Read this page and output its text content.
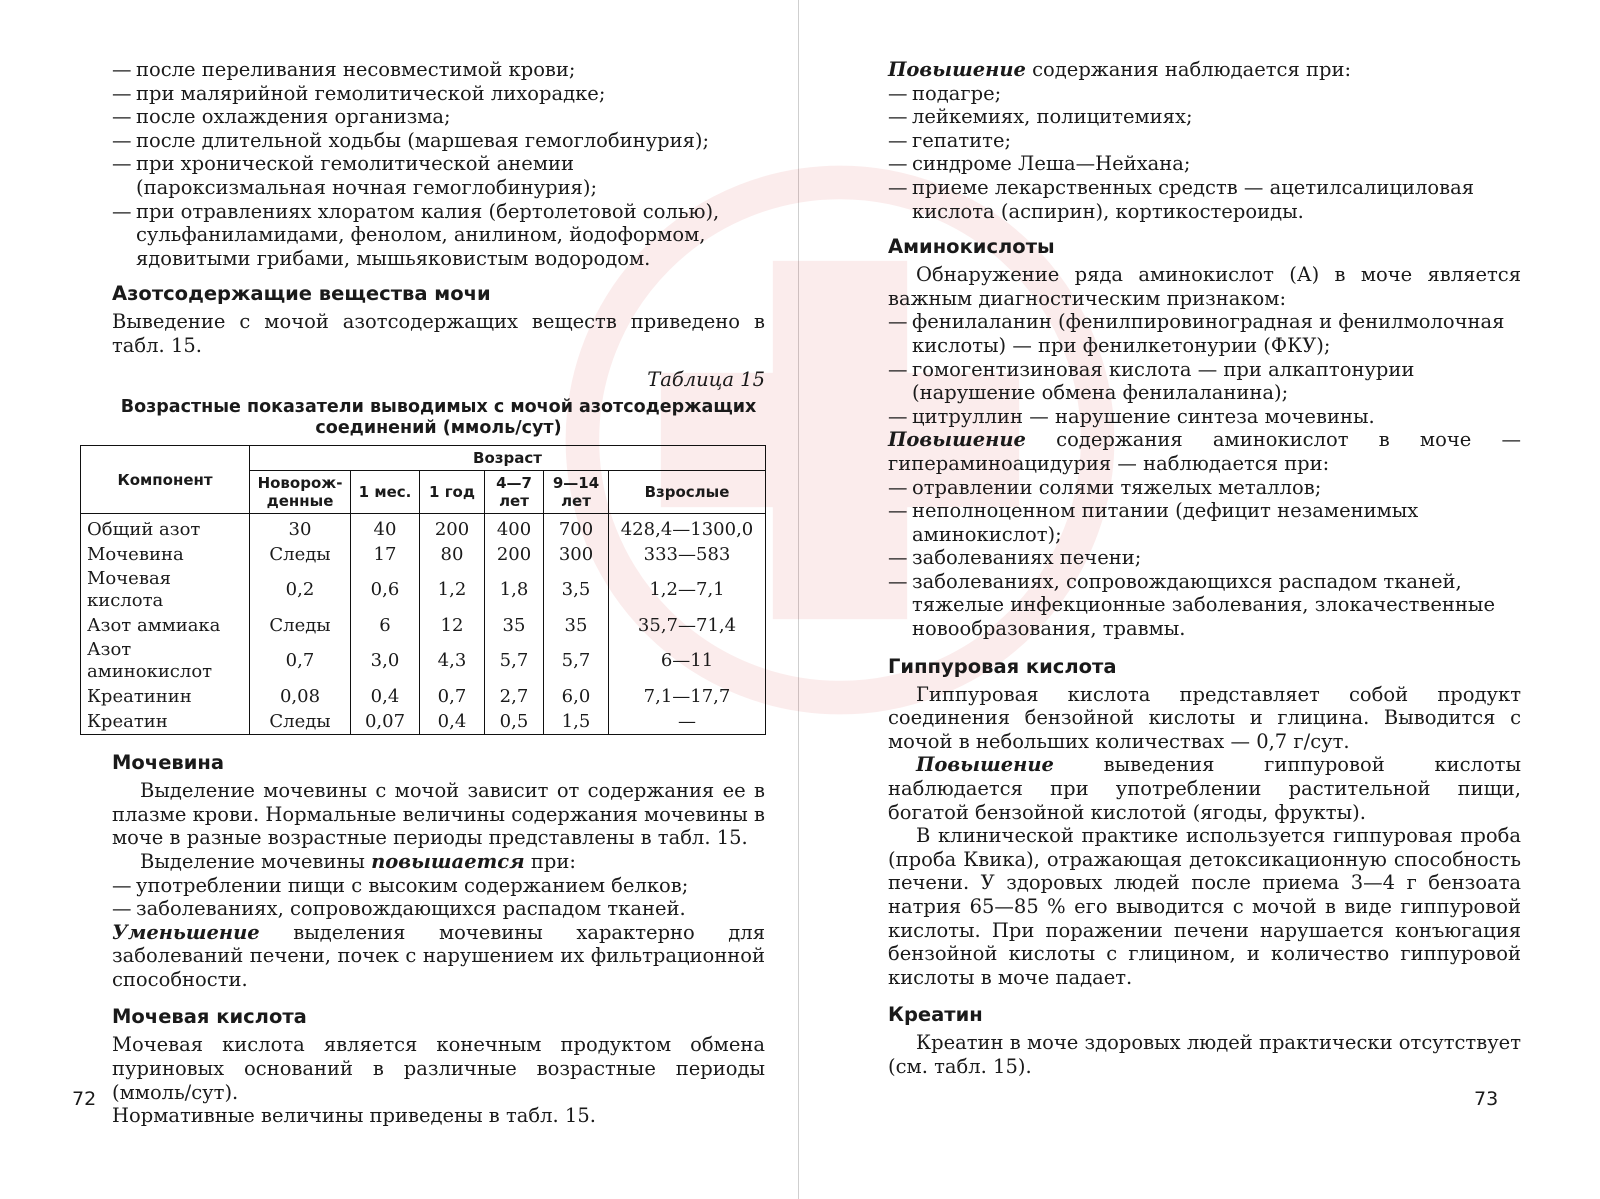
— после переливания несовместимой крови;
— при малярийной гемолитической лихорадке;
— после охлаждения организма;
— после длительной ходьбы (маршевая гемоглобинурия);
— при хронической гемолитической анемии (пароксизмальная ночная гемоглобинурия);
— при отравлениях хлоратом калия (бертолетовой солью), сульфаниламидами, фенолом, анилином, йодоформом, ядовитыми грибами, мышьяковистым водородом.
Азотсодержащие вещества мочи

Выведение с мочой азотсодержащих веществ приведено в табл. 15.

Таблица 15
Возрастные показатели выводимых с мочой азотсодержащих соединений (ммоль/сут)
Компонент	Возраст					
	Новорож-денные	1 мес.	1 год	4—7 лет	9—14 лет	Взрослые
Общий азот	30	40	200	400	700	428,4—1300,0
Мочевина	Следы	17	80	200	300	333—583
Мочевая кислота	0,2	0,6	1,2	1,8	3,5	1,2—7,1
Азот аммиака	Следы	6	12	35	35	35,7—71,4
Азот аминокислот	0,7	3,0	4,3	5,7	5,7	6—11
Креатинин	0,08	0,4	0,7	2,7	6,0	7,1—17,7
Креатин	Следы	0,07	0,4	0,5	1,5	—
Мочевина

Выделение мочевины с мочой зависит от содержания ее в плазме крови. Нормальные величины содержания мочевины в моче в разные возрастные периоды представлены в табл. 15.

Выделение мочевины повышается при:

— употреблении пищи с высоким содержанием белков;
— заболеваниях, сопровождающихся распадом тканей.

Уменьшение выделения мочевины характерно для заболеваний печени, почек с нарушением их фильтрационной способности.

Мочевая кислота

Мочевая кислота является конечным продуктом обмена пуриновых оснований в различные возрастные периоды (ммоль/сут).

Нормативные величины приведены в табл. 15.

72

Повышение содержания наблюдается при:

— подагре;
— лейкемиях, полицитемиях;
— гепатите;
— синдроме Леша—Нейхана;
— приеме лекарственных средств — ацетилсалициловая кислота (аспирин), кортикостероиды.
Аминокислоты

Обнаружение ряда аминокислот (А) в моче является важным диагностическим признаком:

— фенилаланин (фенилпировиноградная и фенилмолочная кислоты) — при фенилкетонурии (ФКУ);
— гомогентизиновая кислота — при алкаптонурии (нарушение обмена фенилаланина);
— цитруллин — нарушение синтеза мочевины.

Повышение содержания аминокислот в моче — гипераминоацидурия — наблюдается при:

— отравлении солями тяжелых металлов;
— неполноценном питании (дефицит незаменимых аминокислот);
— заболеваниях печени;
— заболеваниях, сопровождающихся распадом тканей, тяжелые инфекционные заболевания, злокачественные новообразования, травмы.
Гиппуровая кислота

Гиппуровая кислота представляет собой продукт соединения бензойной кислоты и глицина. Выводится с мочой в небольших количествах — 0,7 г/сут.

Повышение выведения гиппуровой кислоты наблюдается при употреблении растительной пищи, богатой бензойной кислотой (ягоды, фрукты).

В клинической практике используется гиппуровая проба (проба Квика), отражающая детоксикационную способность печени. У здоровых людей после приема 3—4 г бензоата натрия 65—85 % его выводится с мочой в виде гиппуровой кислоты. При поражении печени нарушается конъюгация бензойной кислоты с глицином, и количество гиппуровой кислоты в моче падает.

Креатин

Креатин в моче здоровых людей практически отсутствует (см. табл. 15).

73
